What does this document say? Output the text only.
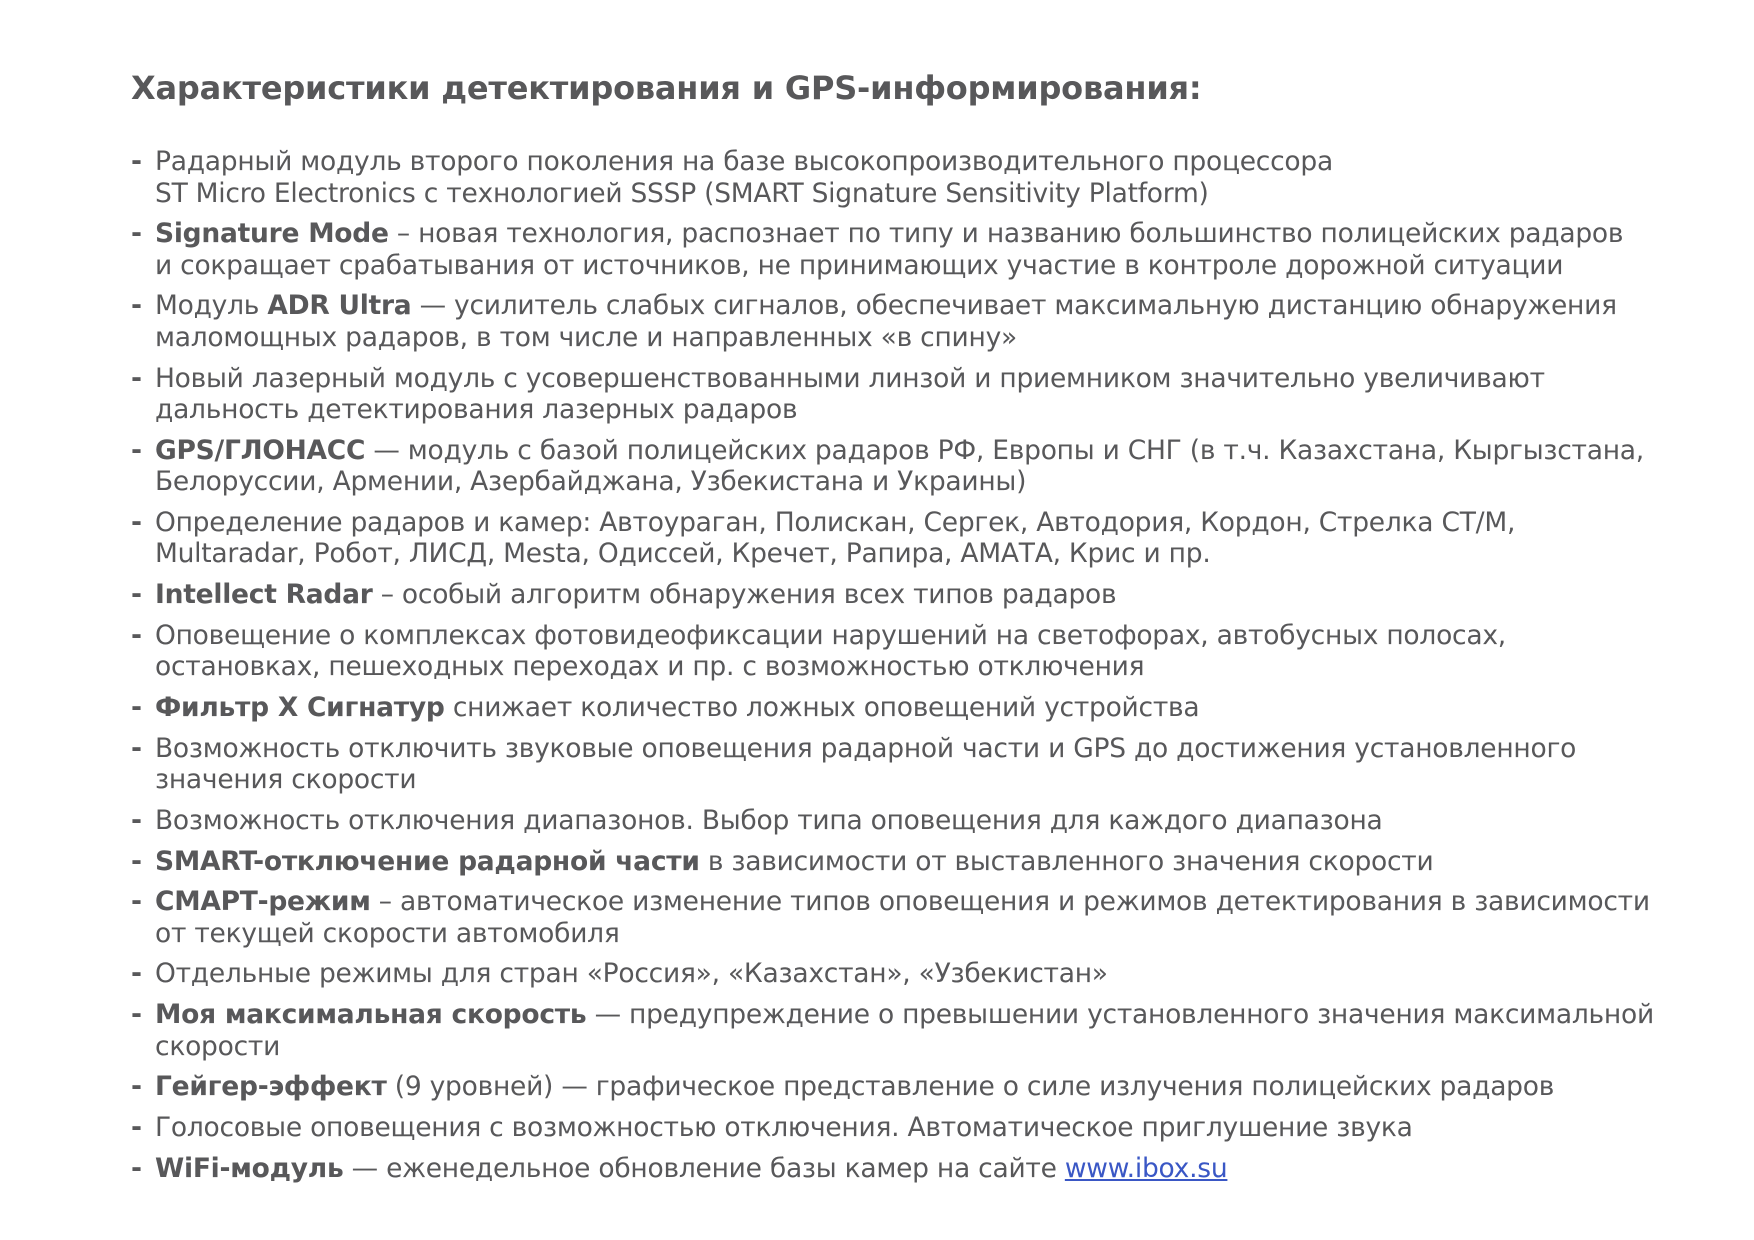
Характеристики детектирования и GPS-информирования:
- Радарный модуль второго поколения на базе высокопроизводительного процессора
ST Micro Electronics с технологией SSSP (SMART Signature Sensitivity Platform)
- Signature Mode – новая технология, распознает по типу и названию большинство полицейских радаров
и сокращает срабатывания от источников, не принимающих участие в контроле дорожной ситуации
- Модуль ADR Ultra — усилитель слабых сигналов, обеспечивает максимальную дистанцию обнаружения
маломощных радаров, в том числе и направленных «в спину»
- Новый лазерный модуль с усовершенствованными линзой и приемником значительно увеличивают
дальность детектирования лазерных радаров
- GPS/ГЛОНАСС — модуль с базой полицейских радаров РФ, Европы и СНГ (в т.ч. Казахстана, Кыргызстана,
Белоруссии, Армении, Азербайджана, Узбекистана и Украины)
- Определение радаров и камер: Автоураган, Полискан, Сергек, Автодория, Кордон, Стрелка СТ/М,
Multaradar, Робот, ЛИСД, Mesta, Одиссей, Кречет, Рапира, АМАТА, Крис и пр.
- Intellect Radar – особый алгоритм обнаружения всех типов радаров
- Оповещение о комплексах фотовидеофиксации нарушений на светофорах, автобусных полосах,
остановках, пешеходных переходах и пр. с возможностью отключения
- Фильтр Х Сигнатур снижает количество ложных оповещений устройства
- Возможность отключить звуковые оповещения радарной части и GPS до достижения установленного
значения скорости
- Возможность отключения диапазонов. Выбор типа оповещения для каждого диапазона
- SMART-отключение радарной части в зависимости от выставленного значения скорости
- СМАРТ-режим – автоматическое изменение типов оповещения и режимов детектирования в зависимости
от текущей скорости автомобиля
- Отдельные режимы для стран «Россия», «Казахстан», «Узбекистан»
- Моя максимальная скорость — предупреждение о превышении установленного значения максимальной
скорости
- Гейгер-эффект (9 уровней) — графическое представление о силе излучения полицейских радаров
- Голосовые оповещения с возможностью отключения. Автоматическое приглушение звука
- WiFi-модуль — еженедельное обновление базы камер на сайте www.ibox.su
